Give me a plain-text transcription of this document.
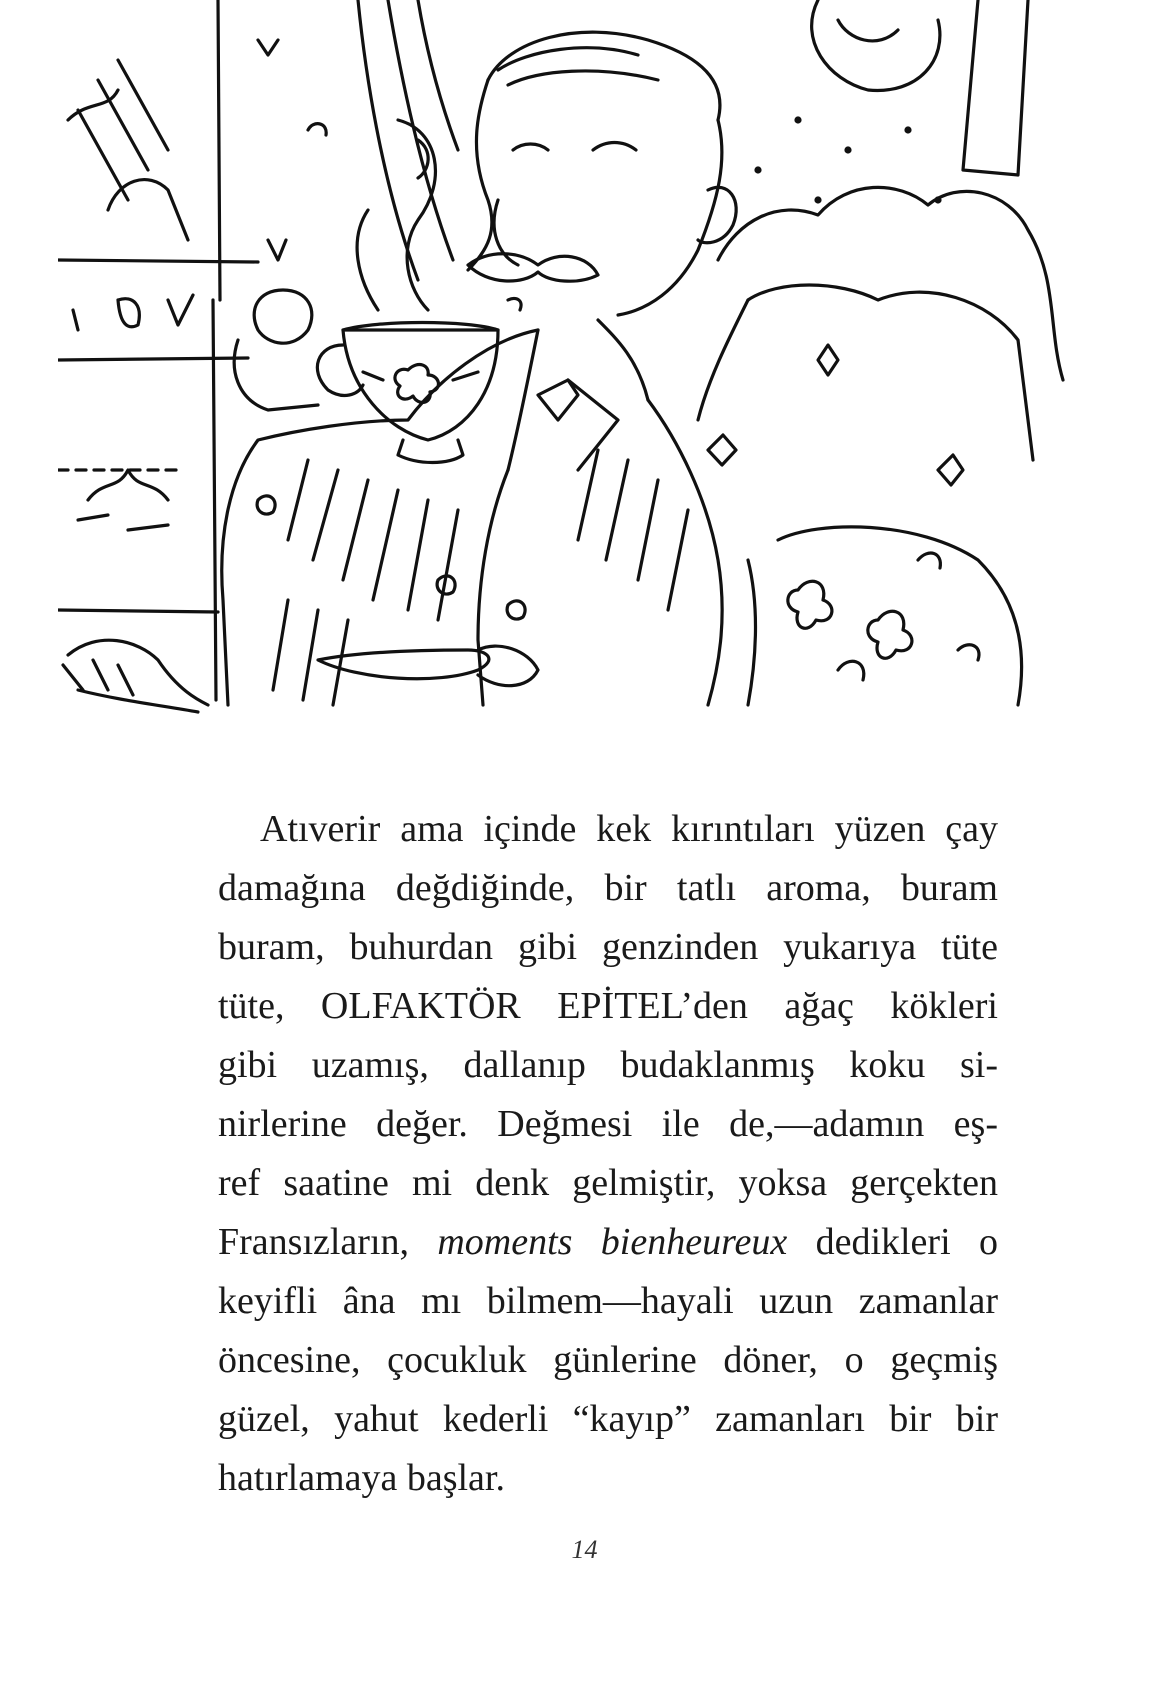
Atıverir ama içinde kek kırıntıları yüzen çay
damağına değdiğinde, bir tatlı aroma, buram
buram, buhurdan gibi genzinden yukarıya tüte
tüte, OLFAKTÖR EPİTEL’den ağaç kökleri
gibi uzamış, dallanıp budaklanmış koku si-
nirlerine değer. Değmesi ile de,—adamın eş-
ref saatine mi denk gelmiştir, yoksa gerçekten
Fransızların, moments bienheureux dedikleri o
keyifli âna mı bilmem—hayali uzun zamanlar
öncesine, çocukluk günlerine döner, o geçmiş
güzel, yahut kederli “kayıp” zamanları bir bir
hatırlamaya başlar.
14
